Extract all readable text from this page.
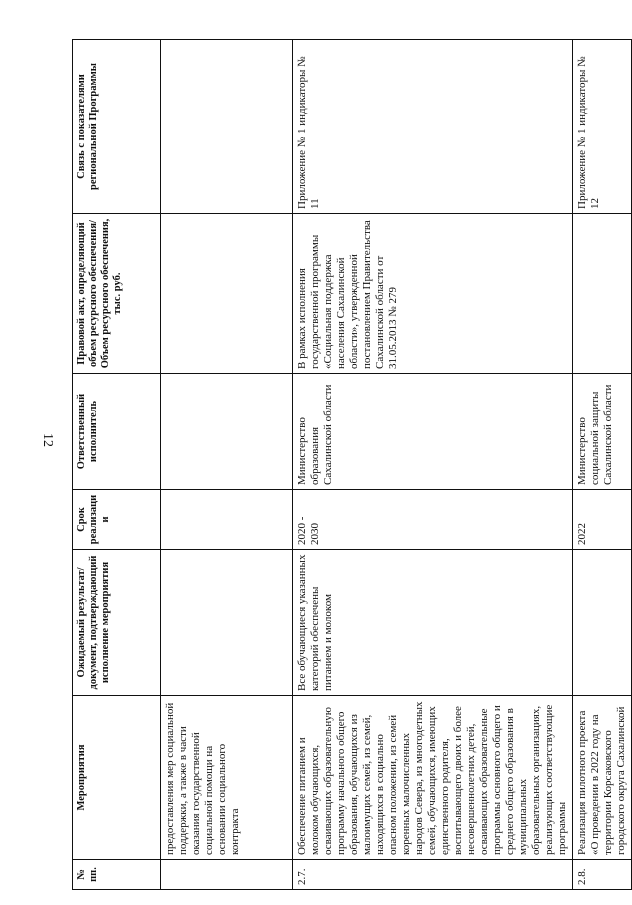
12
№ пп.	Мероприятия	Ожидаемый результат/документ, подтверждающий исполнение мероприятия	Срок реализации	Ответственный исполнитель	Правовой акт, определяющий объем ресурсного обеспечения/Объем ресурсного обеспечения, тыс. руб.	Связь с показателями региональной Программы
	предоставления мер социальной поддержки, а также в части оказания государственной социальной помощи на основании социального контракта					
2.7.	Обеспечение питанием и молоком обучающихся, осваивающих образовательную программу начального общего образования, обучающихся из малоимущих семей, из семей, находящихся в социально опасном положении, из семей коренных малочисленных народов Севера, из многодетных семей, обучающихся, имеющих единственного родителя, воспитывающего двоих и более несовершеннолетних детей, осваивающих образовательные программы основного общего и среднего общего образования в муниципальных образовательных организациях, реализующих соответствующие программы	Все обучающиеся указанных категорий обеспечены питанием и молоком	2020 - 2030	Министерство образования Сахалинской области	В рамках исполнения государственной программы «Социальная поддержка населения Сахалинской области», утвержденной постановлением Правительства Сахалинской области от 31.05.2013 № 279	Приложение № 1 индикаторы № 11
2.8.	Реализация пилотного проекта «О проведении в 2022 году на территории Корсаковского городского округа Сахалинской		2022	Министерство социальной защиты Сахалинской области		Приложение № 1 индикаторы № 12
